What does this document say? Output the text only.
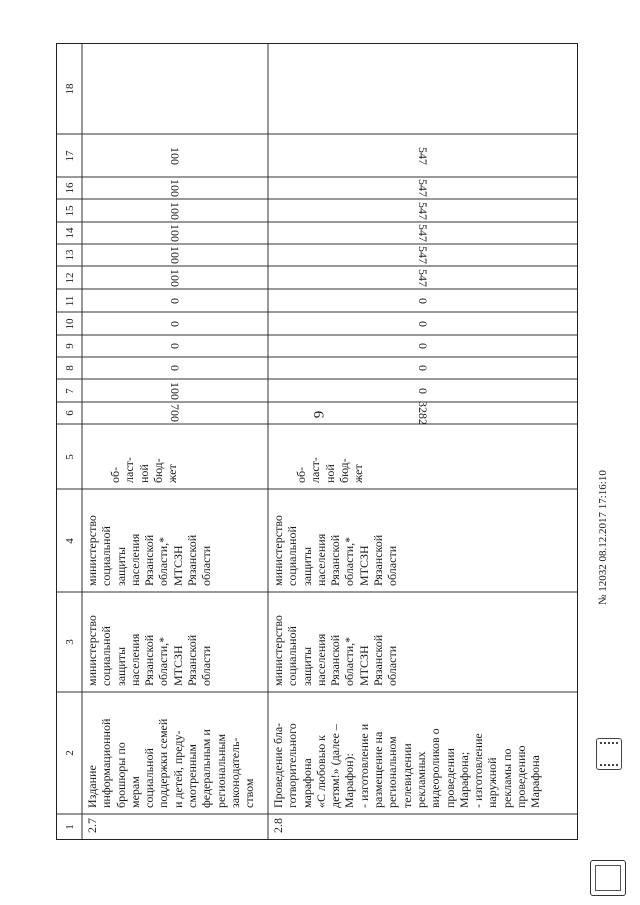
9
1
2
3
4
5
6
7
8
9
10
11
12
13
14
15
16
17
18
2.7
Издание
информационной
брошюры по
мерам
социальной
поддержки семей
и детей, преду-
смотренным
федеральным и
региональным
законодатель-
ством
министерство
социальной
защиты
населения
Рязанской
области,*
МТСЗН
Рязанской
области
министерство
социальной
защиты
населения
Рязанской
области,*
МТСЗН
Рязанской
области
об-
ласт-
ной
бюд-
жет
700
100
0
0
0
0
100
100
100
100
100
100
2.8
Проведение бла-
готворительного
марафона
«С любовью к
детям!» (далее –
Марафон):
- изготовление и
размещение на
региональном
телевидении
рекламных
видеороликов о
проведении
Марафона;
- изготовление
наружной
рекламы по
проведению
Марафона
министерство
социальной
защиты
населения
Рязанской
области,*
МТСЗН
Рязанской
области
министерство
социальной
защиты
населения
Рязанской
области,*
МТСЗН
Рязанской
области
об-
ласт-
ной
бюд-
жет
3282
0
0
0
0
0
547
547
547
547
547
547
№ 12032 08.12.2017 17:16:10
